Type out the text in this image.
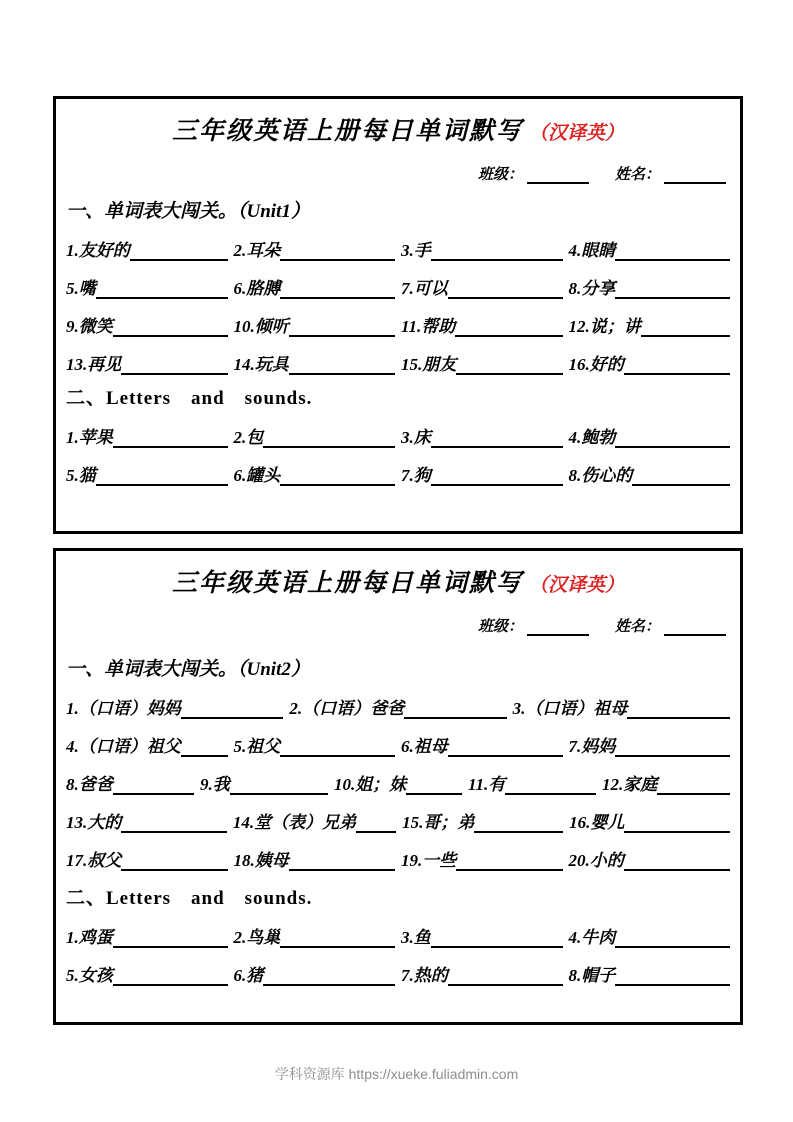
三年级英语上册每日单词默写 （汉译英）
班级：	姓名：
一、单词表大闯关。（Unit1）
1.友好的	2.耳朵	3.手	4.眼睛
5.嘴	6.胳膊	7.可以	8.分享
9.微笑	10.倾听	11.帮助	12.说；讲
13.再见	14.玩具	15.朋友	16.好的
二、Letters　and　sounds.
1.苹果	2.包	3.床	4.鲍勃
5.猫	6.罐头	7.狗	8.伤心的
三年级英语上册每日单词默写 （汉译英）
班级：	姓名：
一、单词表大闯关。（Unit2）
1.（口语）妈妈	2.（口语）爸爸	3.（口语）祖母
4.（口语）祖父	5.祖父	6.祖母	7.妈妈
8.爸爸	9.我	10.姐；妹	11.有	12.家庭
13.大的	14.堂（表）兄弟	15.哥；弟	16.婴儿
17.叔父	18.姨母	19.一些	20.小的
二、Letters　and　sounds.
1.鸡蛋	2.鸟巢	3.鱼	4.牛肉
5.女孩	6.猪	7.热的	8.帽子
学科资源库 https://xueke.fuliadmin.com
